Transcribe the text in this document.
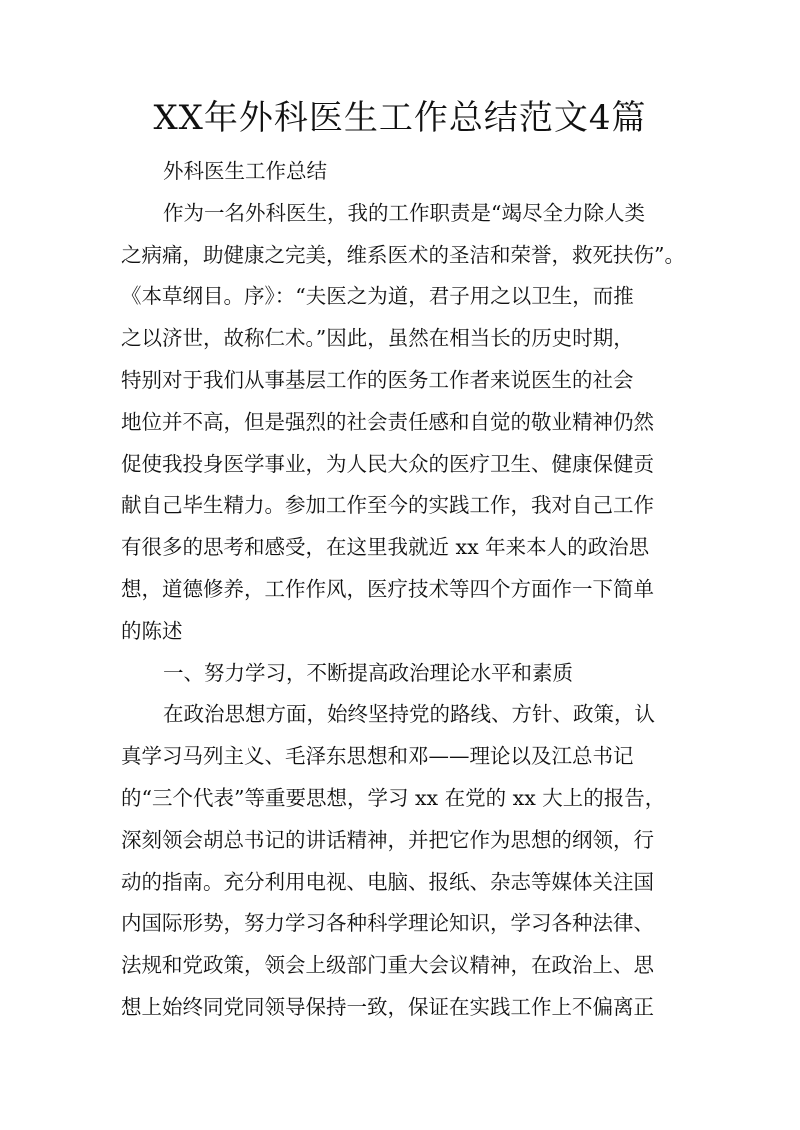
XX年外科医生工作总结范文4篇
外科医生工作总结
作为一名外科医生，我的工作职责是“竭尽全力除人类
之病痛，助健康之完美，维系医术的圣洁和荣誉，救死扶伤”。
《本草纲目。序》：“夫医之为道，君子用之以卫生，而推
之以济世，故称仁术。”因此，虽然在相当长的历史时期，
特别对于我们从事基层工作的医务工作者来说医生的社会
地位并不高，但是强烈的社会责任感和自觉的敬业精神仍然
促使我投身医学事业，为人民大众的医疗卫生、健康保健贡
献自己毕生精力。参加工作至今的实践工作，我对自己工作
有很多的思考和感受，在这里我就近 xx 年来本人的政治思
想，道德修养，工作作风，医疗技术等四个方面作一下简单
的陈述
一、努力学习，不断提高政治理论水平和素质
在政治思想方面，始终坚持党的路线、方针、政策，认
真学习马列主义、毛泽东思想和邓——理论以及江总书记
的“三个代表”等重要思想，学习 xx 在党的 xx 大上的报告，
深刻领会胡总书记的讲话精神，并把它作为思想的纲领，行
动的指南。充分利用电视、电脑、报纸、杂志等媒体关注国
内国际形势，努力学习各种科学理论知识，学习各种法律、
法规和党政策，领会上级部门重大会议精神，在政治上、思
想上始终同党同领导保持一致，保证在实践工作上不偏离正
